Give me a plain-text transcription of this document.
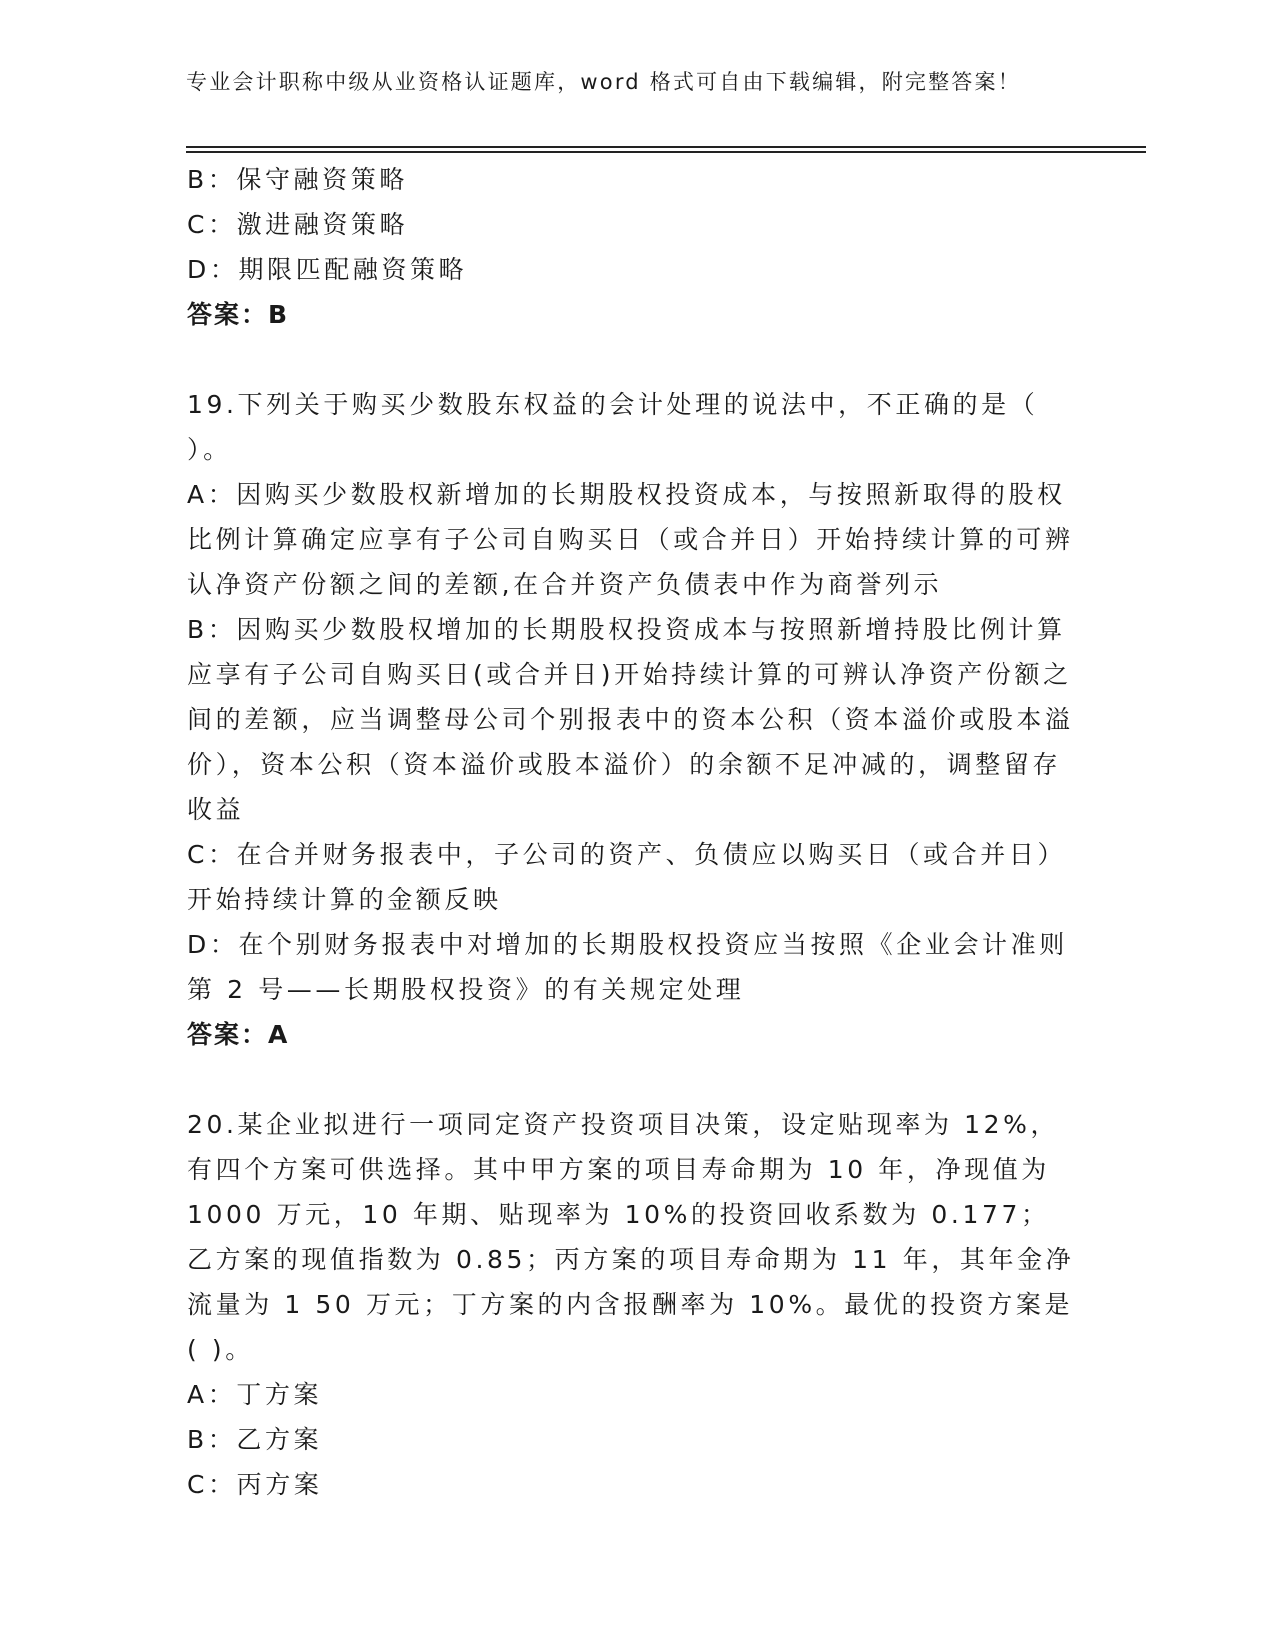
专业会计职称中级从业资格认证题库，word 格式可自由下载编辑，附完整答案！
B：保守融资策略
C：激进融资策略
D：期限匹配融资策略
答案：B
19.下列关于购买少数股东权益的会计处理的说法中，不正确的是（ ）。
A：因购买少数股权新增加的长期股权投资成本，与按照新取得的股权比例计算确定应享有子公司自购买日（或合并日）开始持续计算的可辨认净资产份额之间的差额,在合并资产负债表中作为商誉列示
B：因购买少数股权增加的长期股权投资成本与按照新增持股比例计算应享有子公司自购买日(或合并日)开始持续计算的可辨认净资产份额之间的差额，应当调整母公司个别报表中的资本公积（资本溢价或股本溢价），资本公积（资本溢价或股本溢价）的余额不足冲减的，调整留存收益
C：在合并财务报表中，子公司的资产、负债应以购买日（或合并日）开始持续计算的金额反映
D：在个别财务报表中对增加的长期股权投资应当按照《企业会计准则第 2 号——长期股权投资》的有关规定处理
答案：A
20.某企业拟进行一项同定资产投资项目决策，设定贴现率为 12%，有四个方案可供选择。其中甲方案的项目寿命期为 10 年，净现值为 1000 万元，10 年期、贴现率为 10%的投资回收系数为 0.177；乙方案的现值指数为 0.85；丙方案的项目寿命期为 11 年，其年金净流量为 1 50 万元；丁方案的内含报酬率为 10%。最优的投资方案是( )。
A：丁方案
B：乙方案
C：丙方案
